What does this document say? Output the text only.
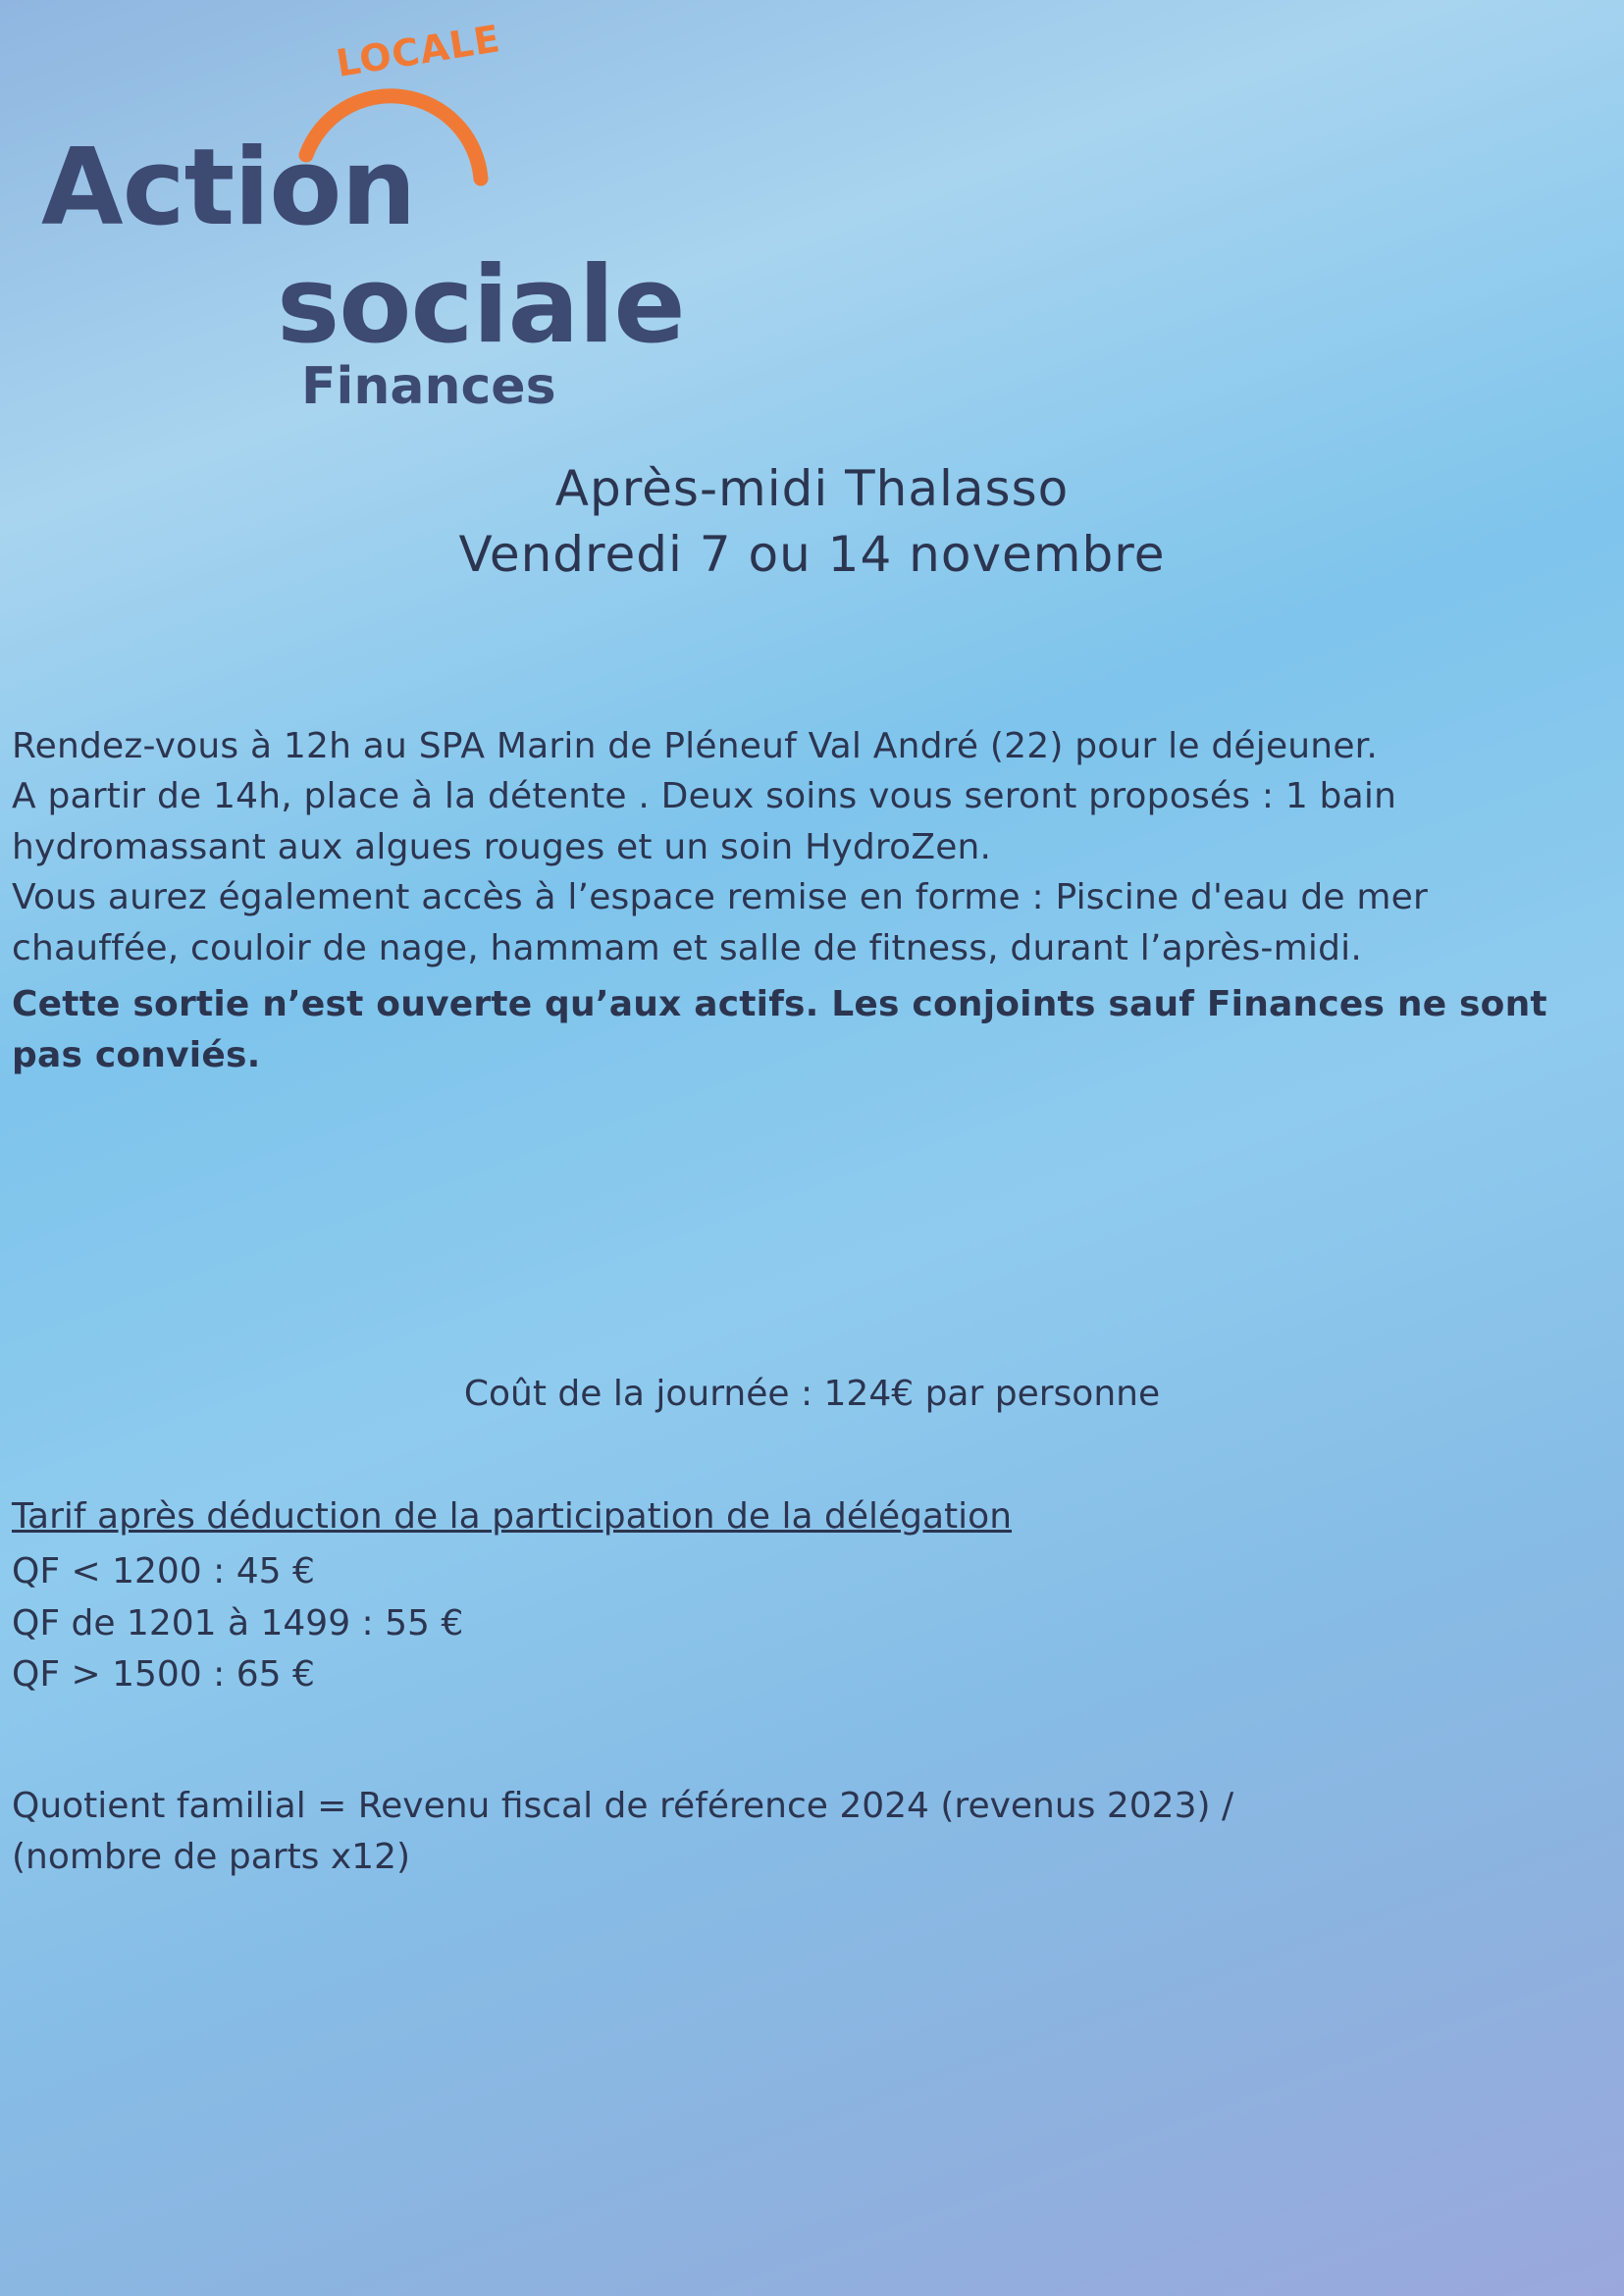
LOCALE
Action
sociale
Finances
Après-midi Thalasso
Vendredi 7 ou 14 novembre

Rendez-vous à 12h au SPA Marin de Pléneuf Val André (22) pour le déjeuner.

A partir de 14h, place à la détente . Deux soins vous seront proposés : 1 bain hydromassant aux algues rouges et un soin HydroZen.

Vous aurez également accès à l’espace remise en forme : Piscine d'eau de mer chauffée, couloir de nage, hammam et salle de fitness, durant l’après-midi.

Cette sortie n’est ouverte qu’aux actifs. Les conjoints sauf Finances ne sont pas conviés.

Coût de la journée : 124€ par personne
Tarif après déduction de la participation de la délégation
QF < 1200 : 45 €
QF de 1201 à 1499 : 55 €
QF > 1500 : 65 €
Quotient familial = Revenu fiscal de référence 2024 (revenus 2023) /
(nombre de parts x12)
